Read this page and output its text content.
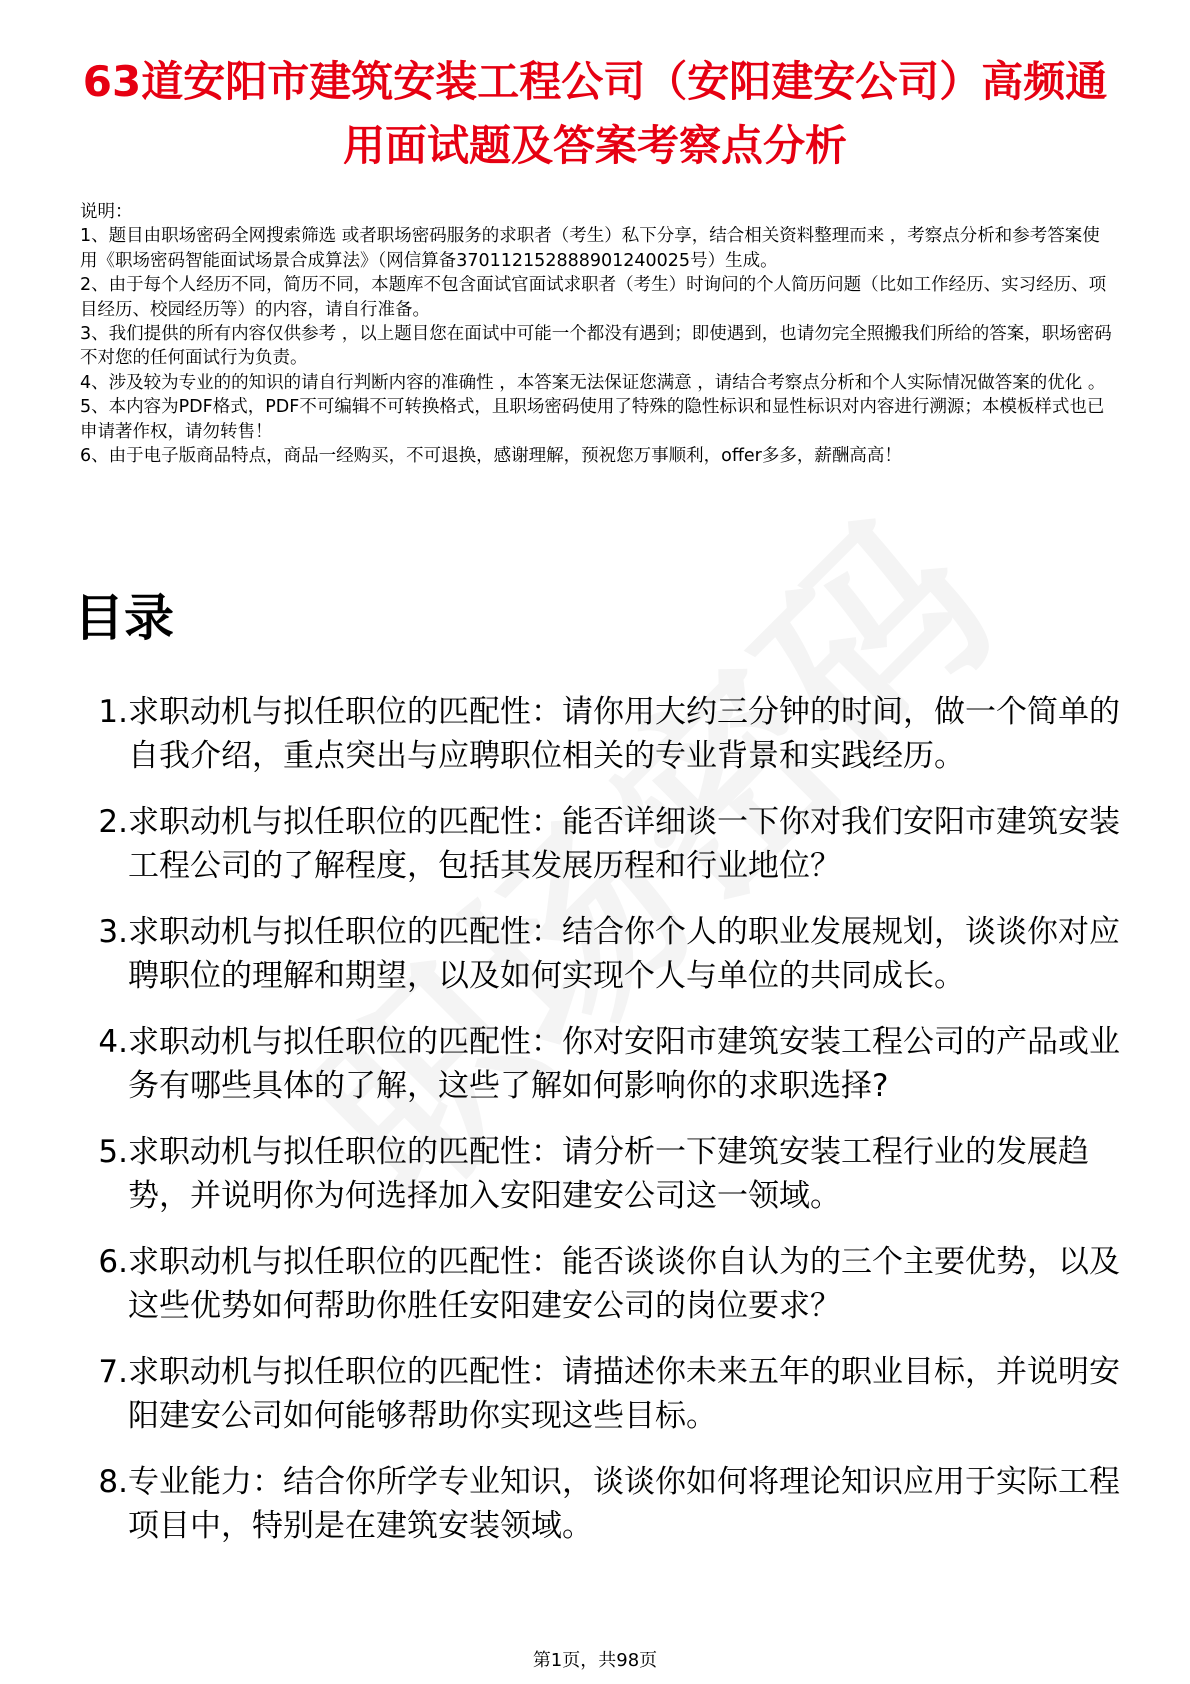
63道安阳市建筑安装工程公司（安阳建安公司）高频通用面试题及答案考察点分析

说明：

1、题目由职场密码全网搜索筛选 或者职场密码服务的求职者（考生）私下分享，结合相关资料整理而来 ，考察点分析和参考答案使用《职场密码智能面试场景合成算法》（网信算备370112152888901240025号）生成。

2、由于每个人经历不同，简历不同，本题库不包含面试官面试求职者（考生）时询问的个人简历问题（比如工作经历、实习经历、项目经历、校园经历等）的内容，请自行准备。

3、我们提供的所有内容仅供参考 ，以上题目您在面试中可能一个都没有遇到；即使遇到，也请勿完全照搬我们所给的答案，职场密码不对您的任何面试行为负责。

4、涉及较为专业的的知识的请自行判断内容的准确性 ，本答案无法保证您满意 ，请结合考察点分析和个人实际情况做答案的优化 。

5、本内容为PDF格式，PDF不可编辑不可转换格式，且职场密码使用了特殊的隐性标识和显性标识对内容进行溯源；本模板样式也已申请著作权，请勿转售！

6、由于电子版商品特点，商品一经购买，不可退换，感谢理解，预祝您万事顺利，offer多多，薪酬高高！

目录
1. 求职动机与拟任职位的匹配性：请你用大约三分钟的时间，做一个简单的自我介绍，重点突出与应聘职位相关的专业背景和实践经历。
2. 求职动机与拟任职位的匹配性：能否详细谈一下你对我们安阳市建筑安装工程公司的了解程度，包括其发展历程和行业地位？
3. 求职动机与拟任职位的匹配性：结合你个人的职业发展规划，谈谈你对应聘职位的理解和期望，以及如何实现个人与单位的共同成长。
4. 求职动机与拟任职位的匹配性：你对安阳市建筑安装工程公司的产品或业务有哪些具体的了解，这些了解如何影响你的求职选择?
5. 求职动机与拟任职位的匹配性：请分析一下建筑安装工程行业的发展趋势，并说明你为何选择加入安阳建安公司这一领域。
6. 求职动机与拟任职位的匹配性：能否谈谈你自认为的三个主要优势，以及这些优势如何帮助你胜任安阳建安公司的岗位要求？
7. 求职动机与拟任职位的匹配性：请描述你未来五年的职业目标，并说明安阳建安公司如何能够帮助你实现这些目标。
8. 专业能力：结合你所学专业知识，谈谈你如何将理论知识应用于实际工程项目中，特别是在建筑安装领域。
第1页，共98页
